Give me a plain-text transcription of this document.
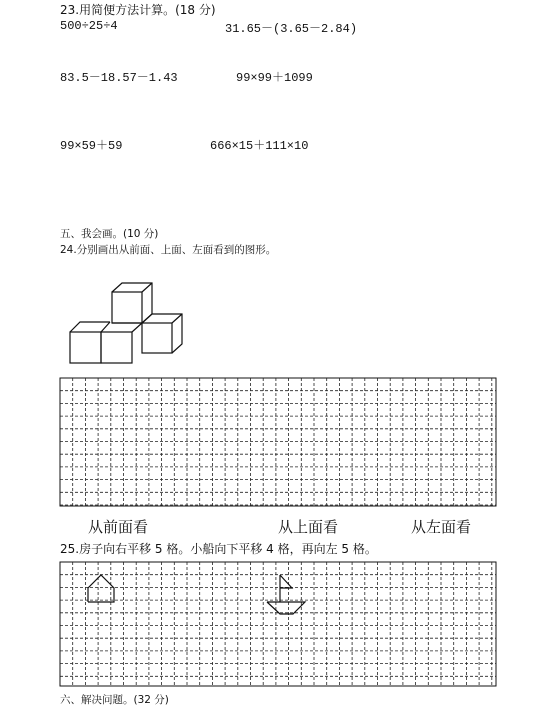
23.用简便方法计算。(18 分)
500÷25÷4	31.65－(3.65－2.84)
83.5－18.57－1.43	99×99＋1099
99×59＋59	666×15＋111×10
五、我会画。(10 分)
24.分别画出从前面、上面、左面看到的图形。
从前面看	从上面看	从左面看
25.房子向右平移 5 格。小船向下平移 4 格，再向左 5 格。
六、解决问题。(32 分)
